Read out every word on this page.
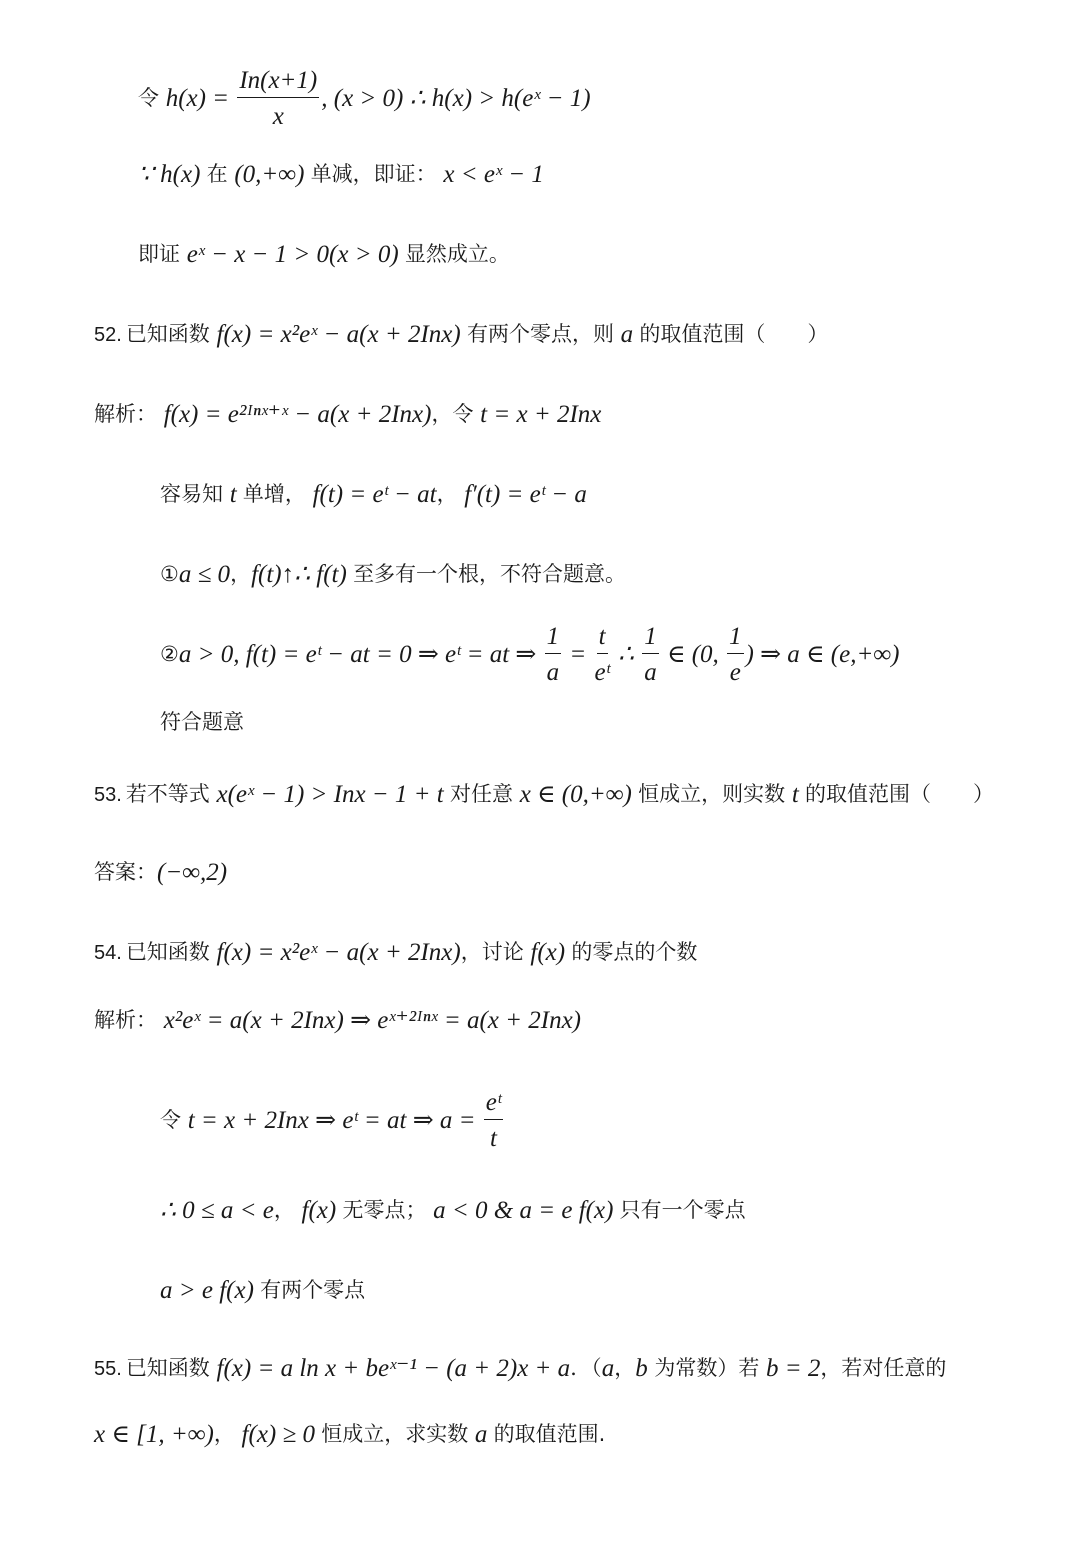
令 $h(x) = \frac{In(x+1)}{x}$ , (x > 0) ∴ h(x) > h(eˣ − 1)
∵ h(x) 在 (0,+∞) 单减，即证： x < eˣ − 1
即证 eˣ − x − 1 > 0(x > 0) 显然成立。
52. 已知函数 f(x) = x²eˣ − a(x + 2Inx) 有两个零点，则 a 的取值范围（　　）
解析： f(x) = e²ᴵⁿˣ⁺ˣ − a(x + 2Inx) ，令 t = x + 2Inx
容易知 t 单增， f(t) = eᵗ − at ， f′(t) = eᵗ − a
① a ≤ 0 ， f(t)↑∴ f(t) 至多有一个根，不符合题意。
② a > 0, f(t) = eᵗ − at = 0 ⇒ eᵗ = at ⇒ $\frac{1}{a} = \frac{t}{\text{eᵗ}}$ ∴ $\frac{1}{a}$ ∈ (0, $\frac{1}{e}$ ) ⇒ a ∈ (e,+∞)
符合题意
53. 若不等式 x(eˣ − 1) > Inx − 1 + t 对任意 x ∈ (0,+∞) 恒成立，则实数 t 的取值范围（　　）
答案： (−∞,2)
54. 已知函数 f(x) = x²eˣ − a(x + 2Inx) ，讨论 f(x) 的零点的个数
解析： x²eˣ = a(x + 2Inx) ⇒ eˣ⁺²ᴵⁿˣ = a(x + 2Inx)
令 t = x + 2Inx ⇒ eᵗ = at ⇒ $a = \frac{\text{eᵗ}}{t}$
∴ 0 ≤ a < e ， f(x) 无零点； a < 0 & a = e f(x) 只有一个零点
a > e f(x) 有两个零点
55. 已知函数 f(x) = a ln x + beˣ⁻¹ − (a + 2)x + a ．（ a ， b 为常数）若 b = 2 ，若对任意的
x ∈ [1, +∞) ， f(x) ≥ 0 恒成立，求实数 a 的取值范围.
